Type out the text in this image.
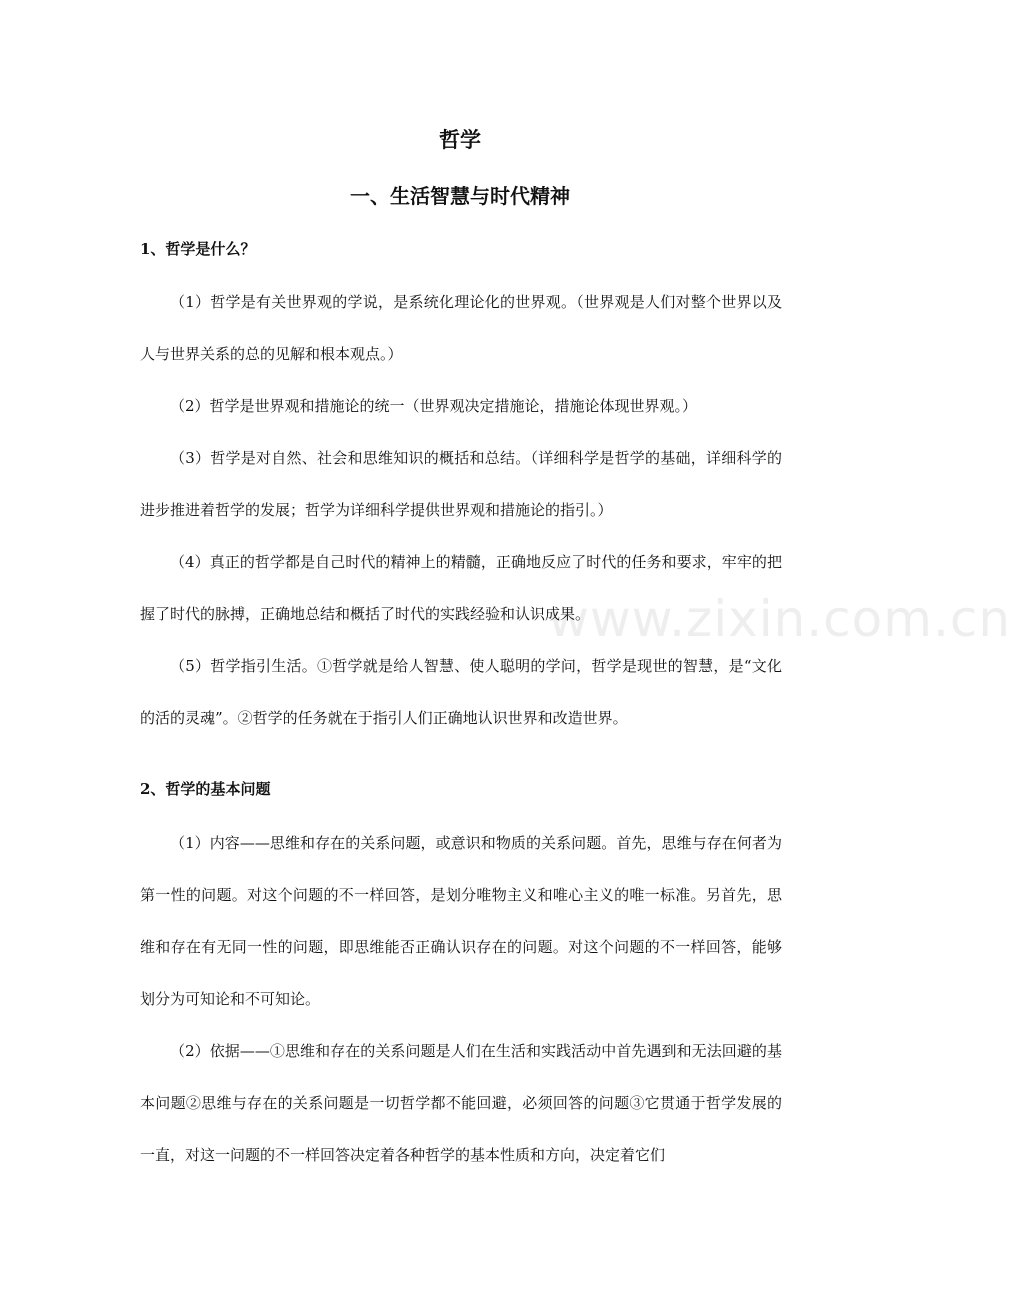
www.zixin.com.cn
哲学
一、生活智慧与时代精神
1、哲学是什么？

（1）哲学是有关世界观的学说，是系统化理论化的世界观。（世界观是人们对整个世界以及人与世界关系的总的见解和根本观点。）

（2）哲学是世界观和措施论的统一（世界观决定措施论，措施论体现世界观。）

（3）哲学是对自然、社会和思维知识的概括和总结。（详细科学是哲学的基础，详细科学的进步推进着哲学的发展；哲学为详细科学提供世界观和措施论的指引。）

（4）真正的哲学都是自己时代的精神上的精髓，正确地反应了时代的任务和要求，牢牢的把握了时代的脉搏，正确地总结和概括了时代的实践经验和认识成果。

（5）哲学指引生活。①哲学就是给人智慧、使人聪明的学问，哲学是现世的智慧，是“文化的活的灵魂”。②哲学的任务就在于指引人们正确地认识世界和改造世界。

2、哲学的基本问题

（1）内容——思维和存在的关系问题，或意识和物质的关系问题。首先，思维与存在何者为第一性的问题。对这个问题的不一样回答，是划分唯物主义和唯心主义的唯一标准。另首先，思维和存在有无同一性的问题，即思维能否正确认识存在的问题。对这个问题的不一样回答，能够划分为可知论和不可知论。

（2）依据——①思维和存在的关系问题是人们在生活和实践活动中首先遇到和无法回避的基本问题②思维与存在的关系问题是一切哲学都不能回避，必须回答的问题③它贯通于哲学发展的一直，对这一问题的不一样回答决定着各种哲学的基本性质和方向，决定着它们
